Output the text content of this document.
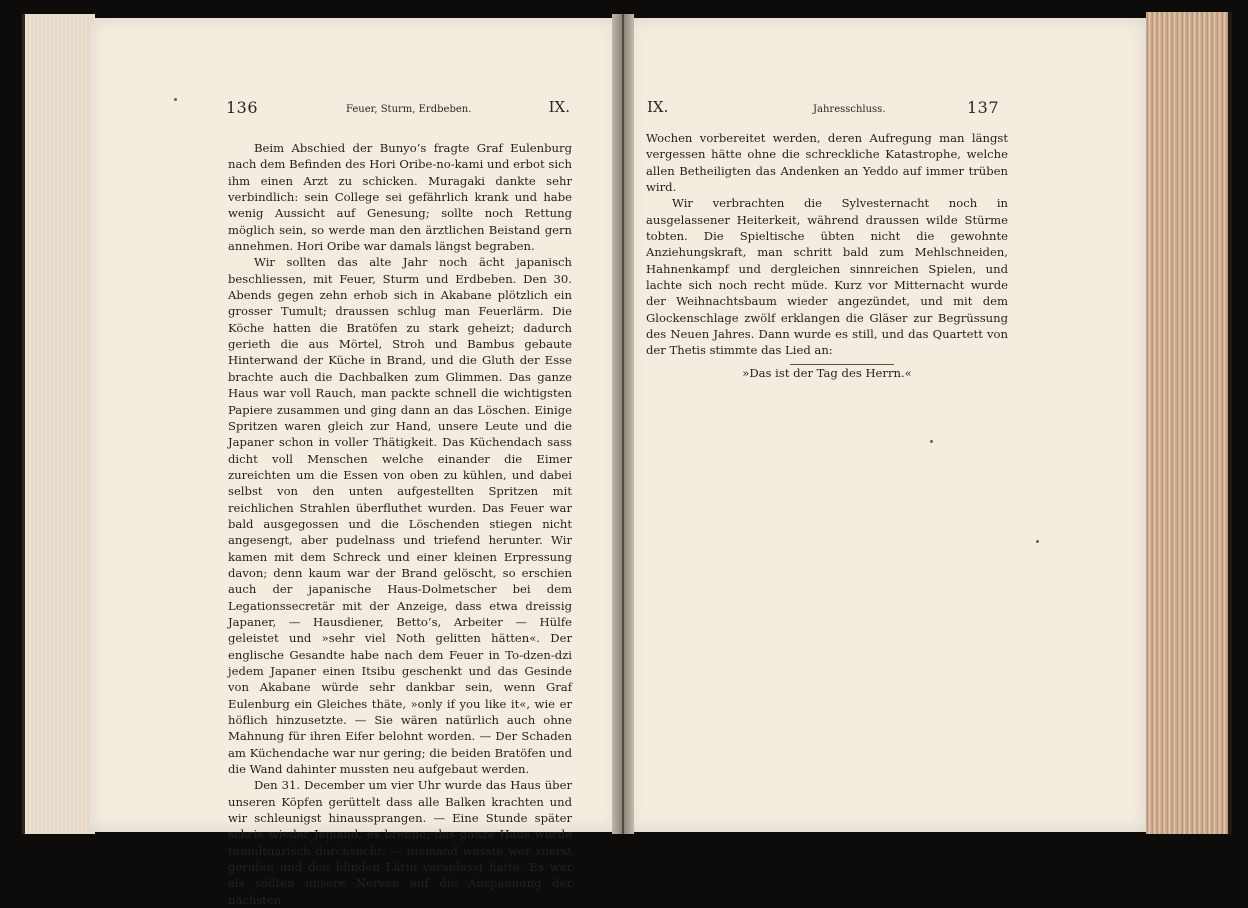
136	Feuer, Sturm, Erdbeben.	IX.	IX.	Jahresschluss.	137

Beim Abschied der Bunyo’s fragte Graf Eulenburg nach dem Befinden des Hori Oribe-no-kami und erbot sich ihm einen Arzt zu schicken. Muragaki dankte sehr verbindlich: sein College sei gefährlich krank und habe wenig Aussicht auf Genesung; sollte noch Rettung möglich sein, so werde man den ärztlichen Beistand gern annehmen. Hori Oribe war damals längst begraben.

Wir sollten das alte Jahr noch ächt japanisch beschliessen, mit Feuer, Sturm und Erdbeben. Den 30. Abends gegen zehn erhob sich in Akabane plötzlich ein grosser Tumult; draussen schlug man Feuerlärm. Die Köche hatten die Bratöfen zu stark geheizt; dadurch gerieth die aus Mörtel, Stroh und Bambus gebaute Hinterwand der Küche in Brand, und die Gluth der Esse brachte auch die Dachbalken zum Glimmen. Das ganze Haus war voll Rauch, man packte schnell die wichtigsten Papiere zusammen und ging dann an das Löschen. Einige Spritzen waren gleich zur Hand, unsere Leute und die Japaner schon in voller Thätigkeit. Das Küchendach sass dicht voll Menschen welche einander die Eimer zureichten um die Essen von oben zu kühlen, und dabei selbst von den unten aufgestellten Spritzen mit reichlichen Strahlen überfluthet wurden. Das Feuer war bald ausgegossen und die Löschenden stiegen nicht angesengt, aber pudelnass und triefend herunter. Wir kamen mit dem Schreck und einer kleinen Erpressung davon; denn kaum war der Brand gelöscht, so erschien auch der japanische Haus-Dolmetscher bei dem Legationssecretär mit der Anzeige, dass etwa dreissig Japaner, — Hausdiener, Betto’s, Arbeiter — Hülfe geleistet und »sehr viel Noth gelitten hätten«. Der englische Gesandte habe nach dem Feuer in To-dzen-dzi jedem Japaner einen Itsibu geschenkt und das Gesinde von Akabane würde sehr dankbar sein, wenn Graf Eulenburg ein Gleiches thäte, »only if you like it«, wie er höflich hinzusetzte. — Sie wären natürlich auch ohne Mahnung für ihren Eifer belohnt worden. — Der Schaden am Küchendache war nur gering; die beiden Bratöfen und die Wand dahinter mussten neu aufgebaut werden.

Den 31. December um vier Uhr wurde das Haus über unseren Köpfen gerüttelt dass alle Balken krachten und wir schleunigst hinaussprangen. — Eine Stunde später schrie wieder Jemand, es brenne; das ganze Haus wurde tumultuarisch durchsucht: — niemand wusste wer zuerst gerufen und den blinden Lärm veranlasst hatte. Es war als sollten unsere Nerven auf die Anspannung der nächsten

Wochen vorbereitet werden, deren Aufregung man längst vergessen hätte ohne die schreckliche Katastrophe, welche allen Betheiligten das Andenken an Yeddo auf immer trüben wird.

Wir verbrachten die Sylvesternacht noch in ausgelassener Heiterkeit, während draussen wilde Stürme tobten. Die Spieltische übten nicht die gewohnte Anziehungskraft, man schritt bald zum Mehlschneiden, Hahnenkampf und dergleichen sinnreichen Spielen, und lachte sich noch recht müde. Kurz vor Mitternacht wurde der Weihnachtsbaum wieder angezündet, und mit dem Glockenschlage zwölf erklangen die Gläser zur Begrüssung des Neuen Jahres. Dann wurde es still, und das Quartett von der Thetis stimmte das Lied an:

»Das ist der Tag des Herrn.«
